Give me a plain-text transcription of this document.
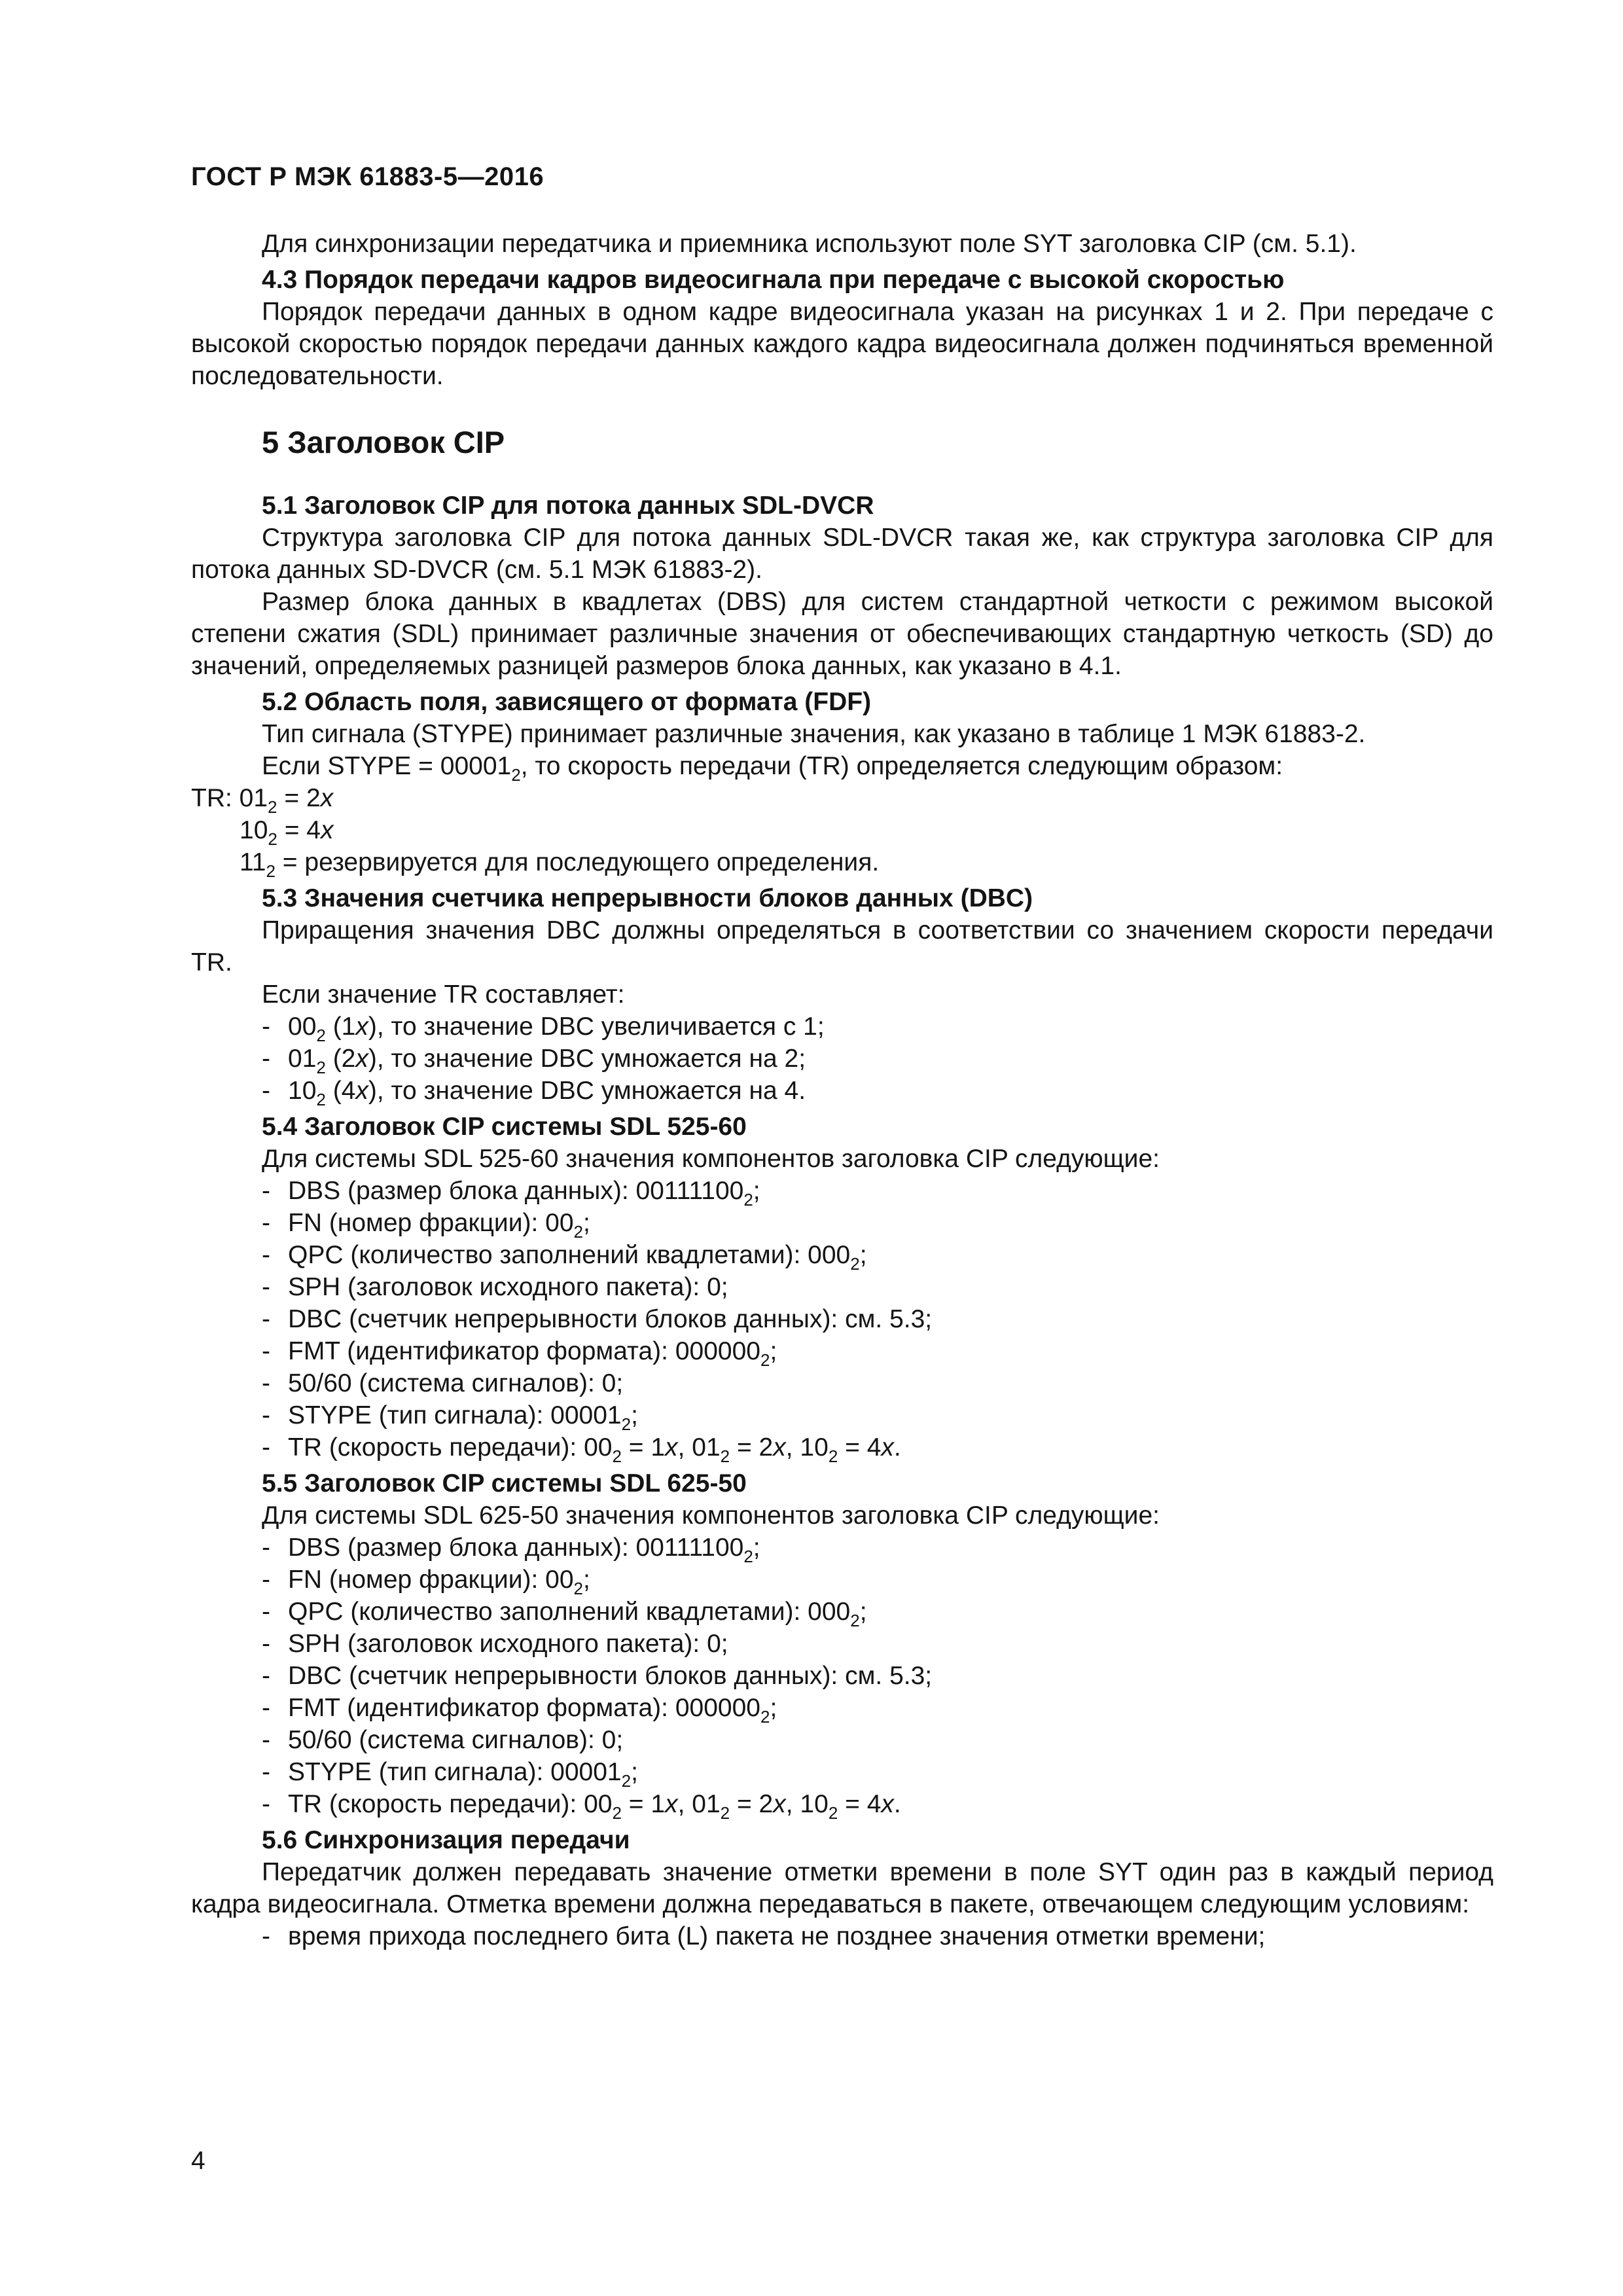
ГОСТ Р МЭК 61883-5—2016

Для синхронизации передатчика и приемника используют поле SYT заголовка CIP (см. 5.1).

4.3 Порядок передачи кадров видеосигнала при передаче с высокой скоростью

Порядок передачи данных в одном кадре видеосигнала указан на рисунках 1 и 2. При передаче с высокой скоростью порядок передачи данных каждого кадра видеосигнала должен подчиняться временной последовательности.

5 Заголовок CIP
5.1 Заголовок CIP для потока данных SDL-DVCR

Структура заголовка CIP для потока данных SDL-DVCR такая же, как структура заголовка CIP для потока данных SD-DVCR (см. 5.1 МЭК 61883-2).

Размер блока данных в квадлетах (DBS) для систем стандартной четкости с режимом высокой степени сжатия (SDL) принимает различные значения от обеспечивающих стандартную четкость (SD) до значений, определяемых разницей размеров блока данных, как указано в 4.1.

5.2 Область поля, зависящего от формата (FDF)

Тип сигнала (STYPE) принимает различные значения, как указано в таблице 1 МЭК 61883-2.

Если STYPE = $00001_2$, то скорость передачи (TR) определяется следующим образом:

TR: $01_2 = 2x$

$10_2 = 4x$

$11_2$ = резервируется для последующего определения.

5.3 Значения счетчика непрерывности блоков данных (DBC)

Приращения значения DBC должны определяться в соответствии со значением скорости передачи TR.

Если значение TR составляет:

- $00_2$ (1x), то значение DBC увеличивается с 1;

- $01_2$ (2x), то значение DBC умножается на 2;

- $10_2$ (4x), то значение DBC умножается на 4.

5.4 Заголовок CIP системы SDL 525-60

Для системы SDL 525-60 значения компонентов заголовка CIP следующие:

- DBS (размер блока данных): $00111100_2$;

- FN (номер фракции): $00_2$;

- QPC (количество заполнений квадлетами): $000_2$;

- SPH (заголовок исходного пакета): 0;

- DBC (счетчик непрерывности блоков данных): см. 5.3;

- FMT (идентификатор формата): $000000_2$;

- 50/60 (система сигналов): 0;

- STYPE (тип сигнала): $00001_2$;

- TR (скорость передачи): $00_2 = 1x$, $01_2 = 2x$, $10_2 = 4x$.

5.5 Заголовок CIP системы SDL 625-50

Для системы SDL 625-50 значения компонентов заголовка CIP следующие:

- DBS (размер блока данных): $00111100_2$;

- FN (номер фракции): $00_2$;

- QPC (количество заполнений квадлетами): $000_2$;

- SPH (заголовок исходного пакета): 0;

- DBC (счетчик непрерывности блоков данных): см. 5.3;

- FMT (идентификатор формата): $000000_2$;

- 50/60 (система сигналов): 0;

- STYPE (тип сигнала): $00001_2$;

- TR (скорость передачи): $00_2 = 1x$, $01_2 = 2x$, $10_2 = 4x$.

5.6 Синхронизация передачи

Передатчик должен передавать значение отметки времени в поле SYT один раз в каждый период кадра видеосигнала. Отметка времени должна передаваться в пакете, отвечающем следующим условиям:

- время прихода последнего бита (L) пакета не позднее значения отметки времени;

4
